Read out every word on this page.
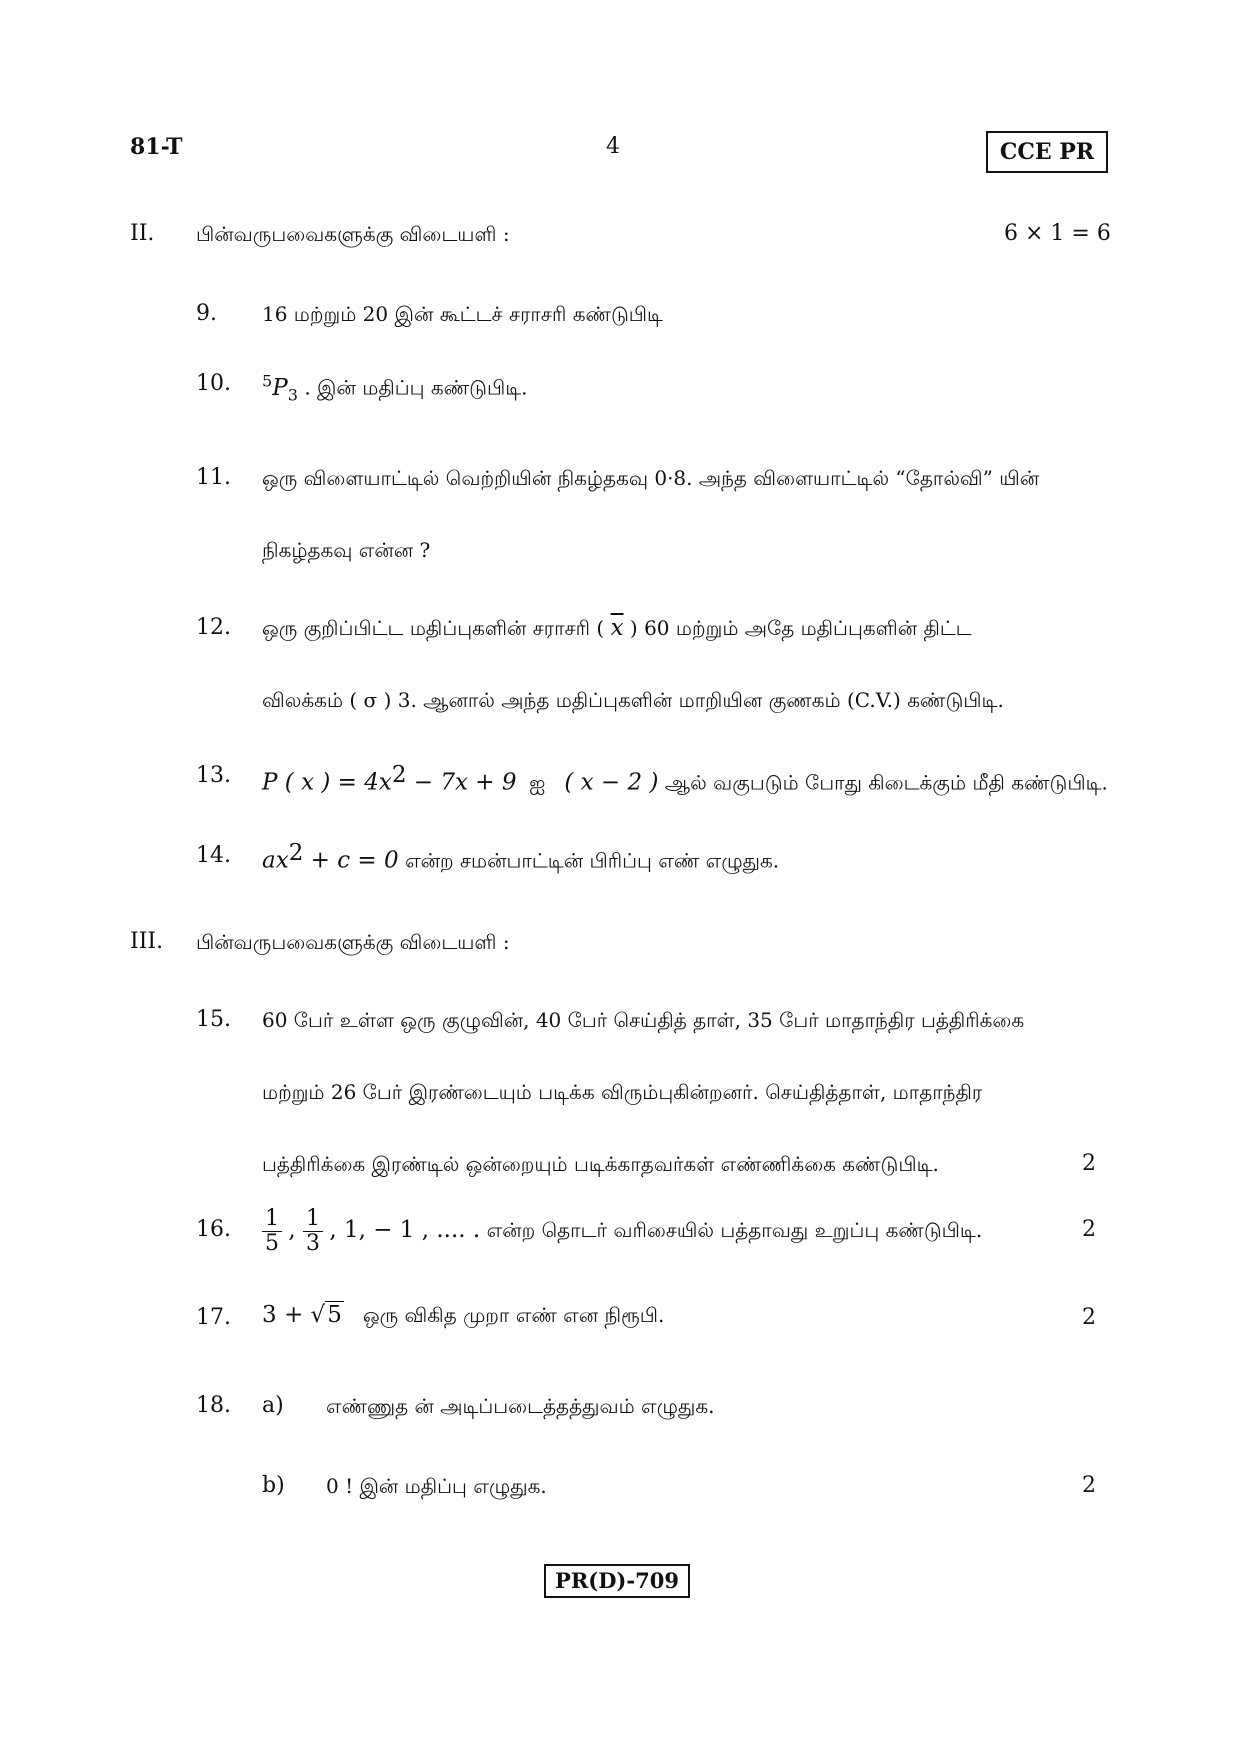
81-T	4	CCE PR
II. பின்வருபவைகளுக்கு விடையளி :	6 × 1 = 6
9. 16 மற்றும் 20 இன் கூட்டச் சராசரி கண்டுபிடி
10. $^5P_3$ . இன் மதிப்பு கண்டுபிடி.
11. ஒரு விளையாட்டில் வெற்றியின் நிகழ்தகவு 0·8. அந்த விளையாட்டில் “தோல்வி” யின்
நிகழ்தகவு என்ன ?
12. ஒரு குறிப்பிட்ட மதிப்புகளின் சராசரி ( $\overline{x}$ ) 60 மற்றும் அதே மதிப்புகளின் திட்ட
விலக்கம் ( σ ) 3. ஆனால் அந்த மதிப்புகளின் மாறியின குணகம் (C.V.) கண்டுபிடி.
13. P ( x ) = $4x^2 - 7x + 9$ ஐ ( x − 2 ) ஆல் வகுபடும் போது கிடைக்கும் மீதி கண்டுபிடி.
14. $ax^2 + c = 0$ என்ற சமன்பாட்டின் பிரிப்பு எண் எழுதுக.
III. பின்வருபவைகளுக்கு விடையளி :
15. 60 பேர் உள்ள ஒரு குழுவின், 40 பேர் செய்தித் தாள், 35 பேர் மாதாந்திர பத்திரிக்கை
மற்றும் 26 பேர் இரண்டையும் படிக்க விரும்புகின்றனர். செய்தித்தாள், மாதாந்திர
பத்திரிக்கை இரண்டில் ஒன்றையும் படிக்காதவர்கள் எண்ணிக்கை கண்டுபிடி.	2
16. $\frac{1}{5}$ , $\frac{1}{3}$ , 1, − 1 , .... . என்ற தொடர் வரிசையில் பத்தாவது உறுப்பு கண்டுபிடி.	2
17. 3 + √5 ஒரு விகித முறா எண் என நிரூபி.	2
18. a) எண்ணுத ன் அடிப்படைத்தத்துவம் எழுதுக.
b) 0 ! இன் மதிப்பு எழுதுக.	2
PR(D)-709
